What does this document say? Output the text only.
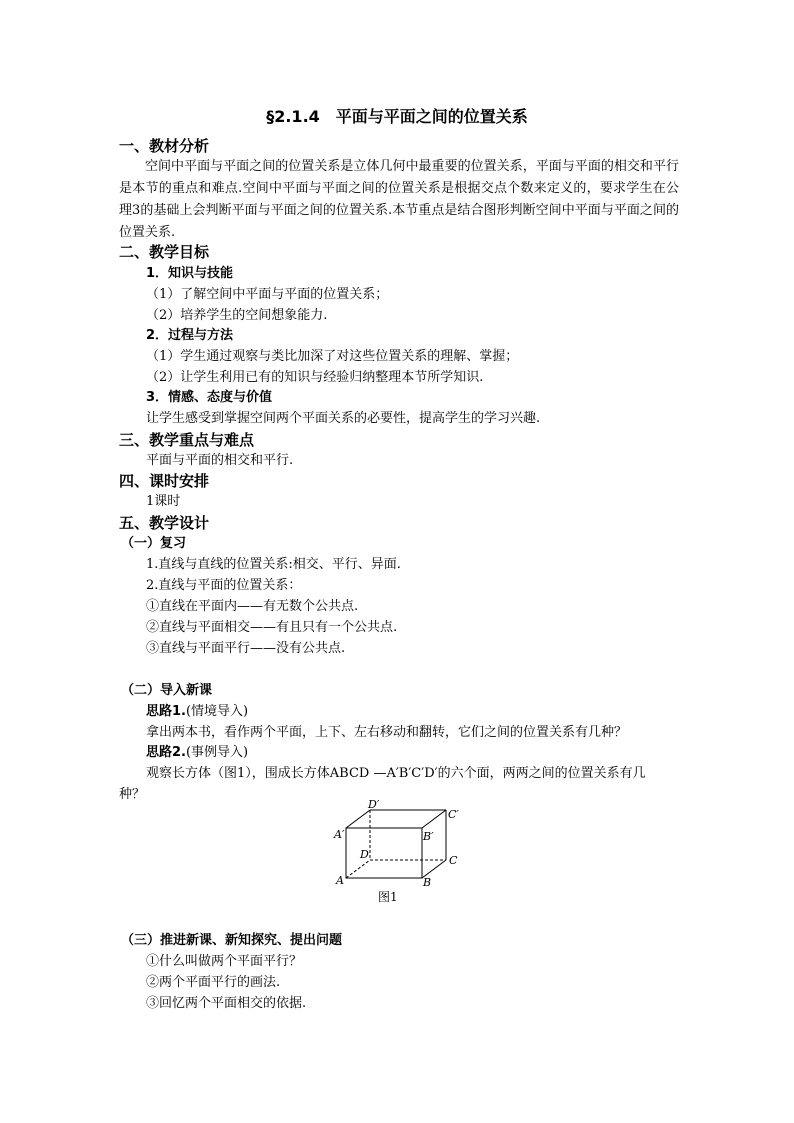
§2.1.4　平面与平面之间的位置关系
一、教材分析
空间中平面与平面之间的位置关系是立体几何中最重要的位置关系，平面与平面的相交和平行是本节的重点和难点.空间中平面与平面之间的位置关系是根据交点个数来定义的，要求学生在公理3的基础上会判断平面与平面之间的位置关系.本节重点是结合图形判断空间中平面与平面之间的位置关系.
二、教学目标
1．知识与技能
（1）了解空间中平面与平面的位置关系；
（2）培养学生的空间想象能力.
2．过程与方法
（1）学生通过观察与类比加深了对这些位置关系的理解、掌握；
（2）让学生利用已有的知识与经验归纳整理本节所学知识.
3．情感、态度与价值
让学生感受到掌握空间两个平面关系的必要性，提高学生的学习兴趣.
三、教学重点与难点
平面与平面的相交和平行.
四、课时安排
1课时
五、教学设计
（一）复习
1.直线与直线的位置关系:相交、平行、异面.
2.直线与平面的位置关系：
①直线在平面内——有无数个公共点.
②直线与平面相交——有且只有一个公共点.
③直线与平面平行——没有公共点.
（二）导入新课
思路1.(情境导入)
拿出两本书，看作两个平面，上下、左右移动和翻转，它们之间的位置关系有几种？
思路2.(事例导入)
观察长方体（图1），围成长方体ABCD —A′B′C′D′的六个面，两两之间的位置关系有几
种？
A′
D′
C′
B′
D	C
A	B
图1
（三）推进新课、新知探究、提出问题
①什么叫做两个平面平行？
②两个平面平行的画法.
③回忆两个平面相交的依据.
